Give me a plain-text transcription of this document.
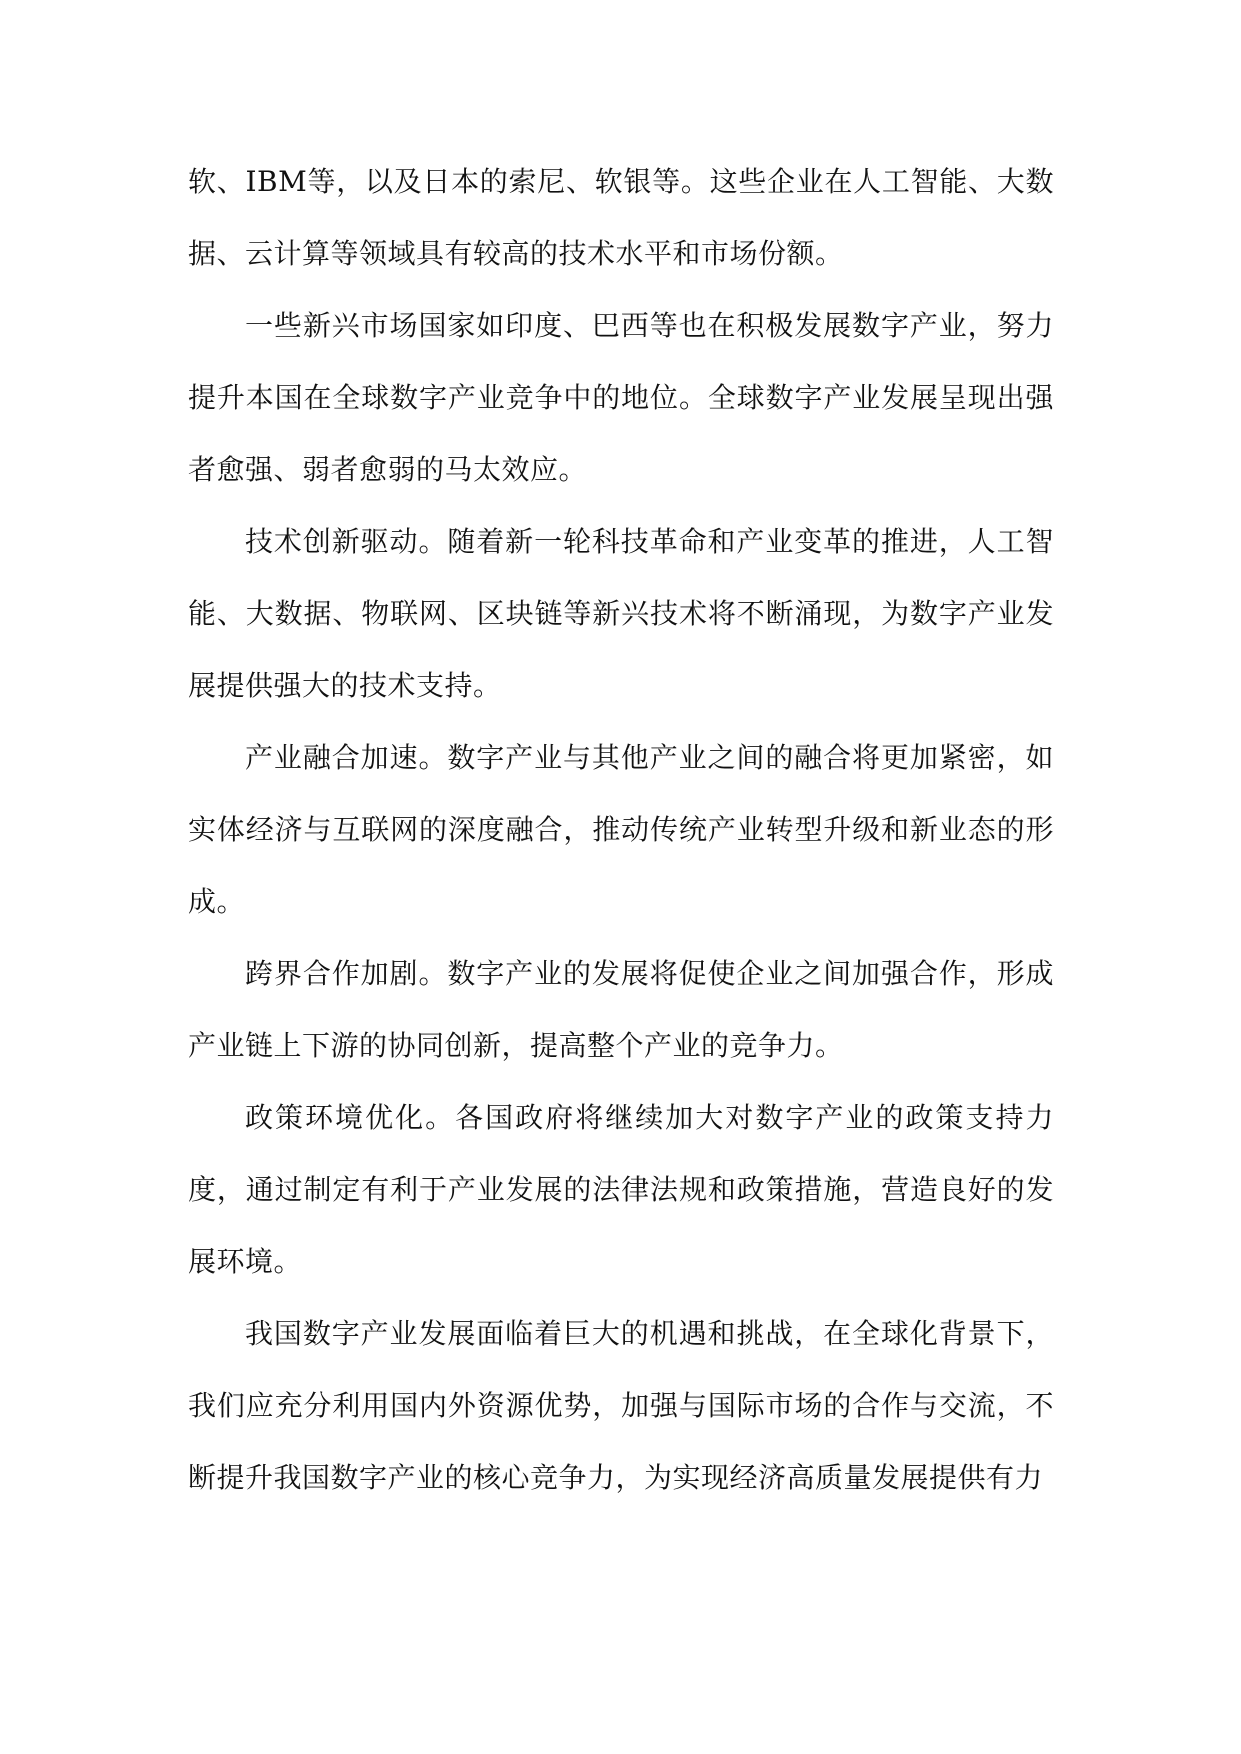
软、IBM等，以及日本的索尼、软银等。这些企业在人工智能、大数据、云计算等领域具有较高的技术水平和市场份额。

一些新兴市场国家如印度、巴西等也在积极发展数字产业，努力提升本国在全球数字产业竞争中的地位。全球数字产业发展呈现出强者愈强、弱者愈弱的马太效应。

技术创新驱动。随着新一轮科技革命和产业变革的推进，人工智能、大数据、物联网、区块链等新兴技术将不断涌现，为数字产业发展提供强大的技术支持。

产业融合加速。数字产业与其他产业之间的融合将更加紧密，如实体经济与互联网的深度融合，推动传统产业转型升级和新业态的形成。

跨界合作加剧。数字产业的发展将促使企业之间加强合作，形成产业链上下游的协同创新，提高整个产业的竞争力。

政策环境优化。各国政府将继续加大对数字产业的政策支持力度，通过制定有利于产业发展的法律法规和政策措施，营造良好的发展环境。

我国数字产业发展面临着巨大的机遇和挑战，在全球化背景下，我们应充分利用国内外资源优势，加强与国际市场的合作与交流，不断提升我国数字产业的核心竞争力，为实现经济高质量发展提供有力
